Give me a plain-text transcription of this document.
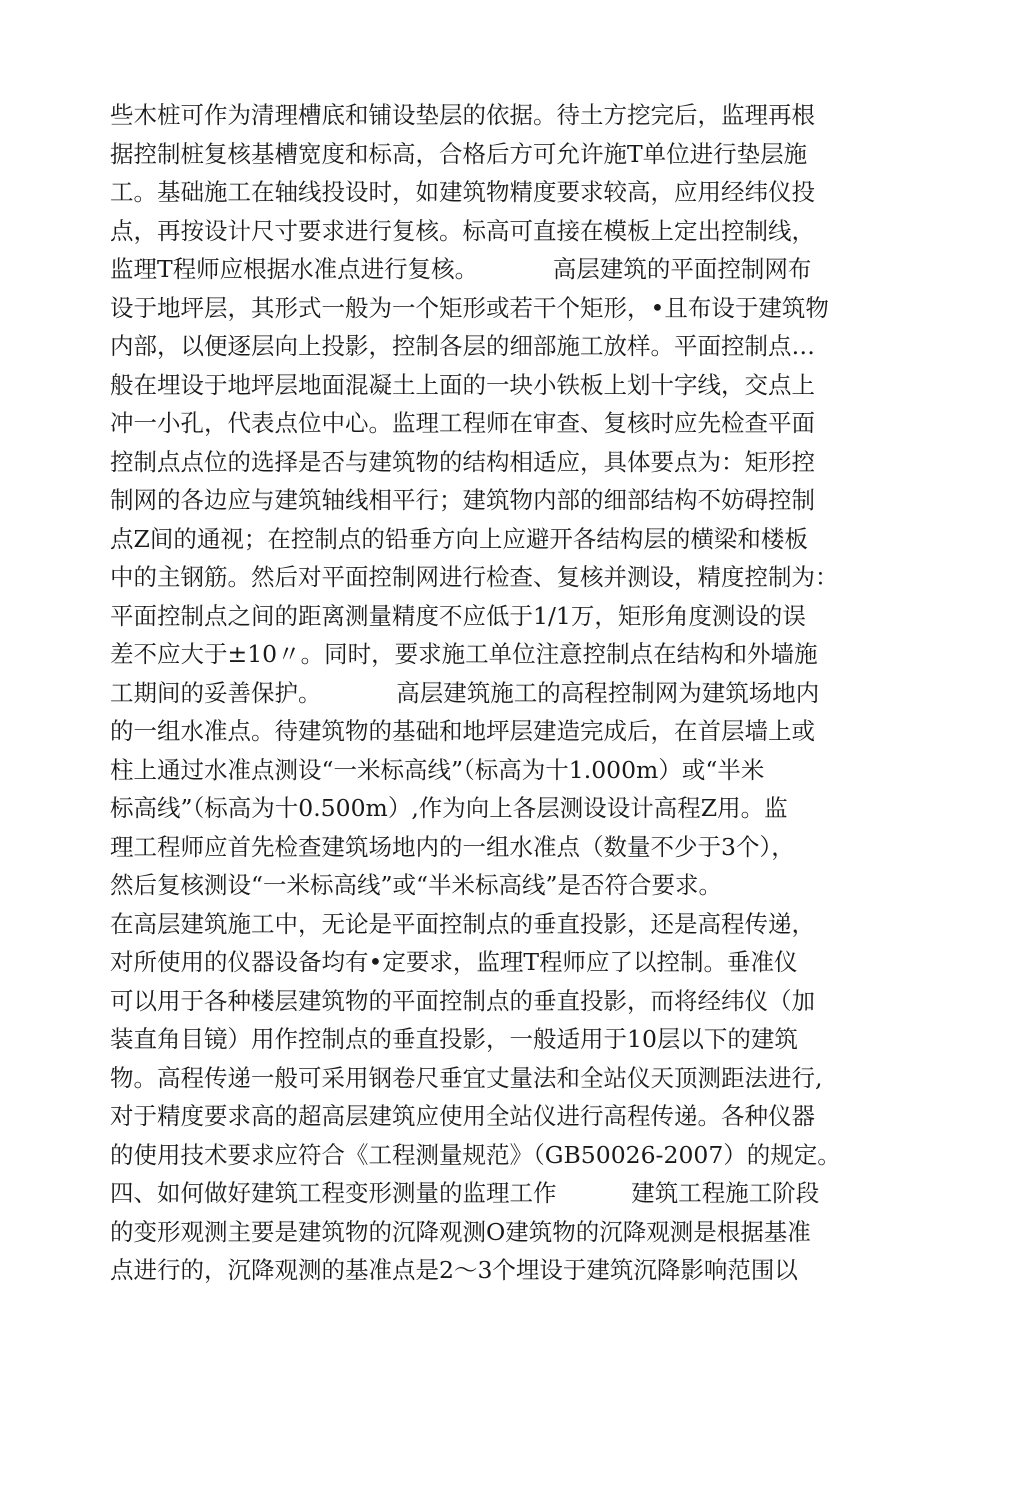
些木桩可作为清理槽底和铺设垫层的依据。待土方挖完后，监理再根
据控制桩复核基槽宽度和标高，合格后方可允许施T单位进行垫层施
工。基础施工在轴线投设时，如建筑物精度要求较高，应用经纬仪投
点，再按设计尺寸要求进行复核。标高可直接在模板上定出控制线，
监理T程师应根据水准点进行复核。          高层建筑的平面控制网布
设于地坪层，其形式一般为一个矩形或若干个矩形，•且布设于建筑物
内部，以便逐层向上投影，控制各层的细部施工放样。平面控制点…
般在埋设于地坪层地面混凝土上面的一块小铁板上划十字线，交点上
冲一小孔，代表点位中心。监理工程师在审查、复核时应先检查平面
控制点点位的选择是否与建筑物的结构相适应，具体要点为：矩形控
制网的各边应与建筑轴线相平行；建筑物内部的细部结构不妨碍控制
点Z间的通视；在控制点的铅垂方向上应避开各结构层的横梁和楼板
中的主钢筋。然后对平面控制网进行检查、复核并测设，精度控制为：
平面控制点之间的距离测量精度不应低于1/1万，矩形角度测设的误
差不应大于±10〃。同时，要求施工单位注意控制点在结构和外墙施
工期间的妥善保护。          高层建筑施工的高程控制网为建筑场地内
的一组水准点。待建筑物的基础和地坪层建造完成后，在首层墙上或
柱上通过水准点测设“一米标高线”（标高为十1.000m）或“半米
标高线”（标高为十0.500m）,作为向上各层测设设计高程Z用。监
理工程师应首先检查建筑场地内的一组水准点（数量不少于3个），
然后复核测设“一米标高线”或“半米标高线”是否符合要求。
在高层建筑施工中，无论是平面控制点的垂直投影，还是高程传递，
对所使用的仪器设备均有•定要求，监理T程师应了以控制。垂准仪
可以用于各种楼层建筑物的平面控制点的垂直投影，而将经纬仪（加
装直角目镜）用作控制点的垂直投影，一般适用于10层以下的建筑
物。高程传递一般可采用钢卷尺垂宜丈量法和全站仪天顶测距法进行,
对于精度要求高的超高层建筑应使用全站仪进行高程传递。各种仪器
的使用技术要求应符合《工程测量规范》（GB50026-2007）的规定。
四、如何做好建筑工程变形测量的监理工作          建筑工程施工阶段
的变形观测主要是建筑物的沉降观测O建筑物的沉降观测是根据基准
点进行的，沉降观测的基准点是2～3个埋设于建筑沉降影响范围以
